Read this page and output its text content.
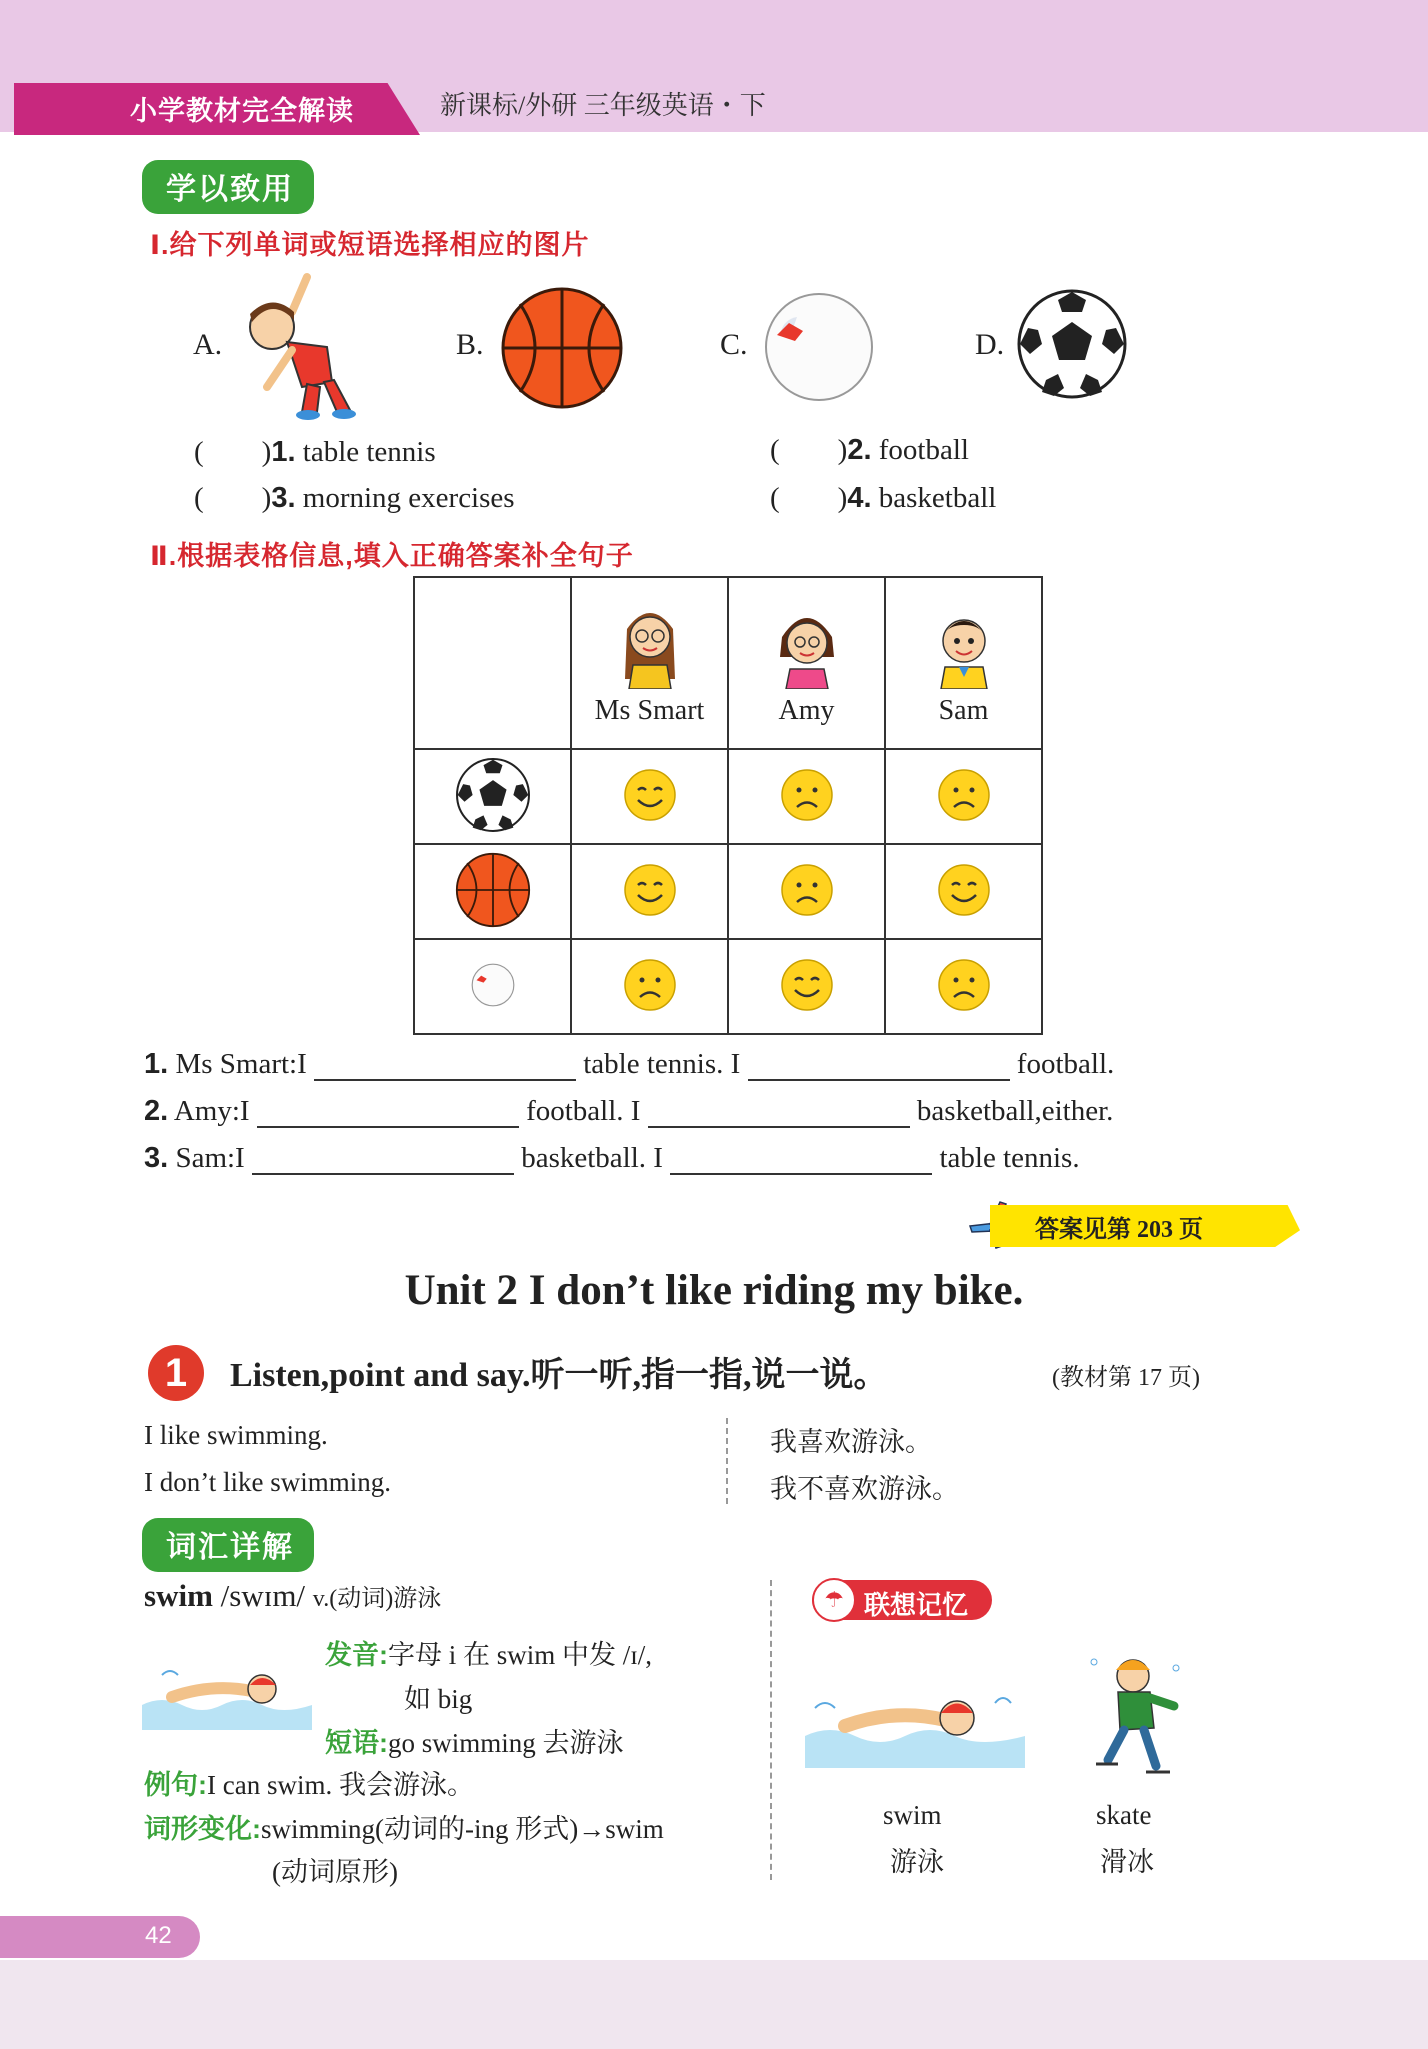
小学教材完全解读	新课标/外研 三年级英语・下
学以致用
Ⅰ.给下列单词或短语选择相应的图片
A.	B.	C.	D.
(        )1. table tennis	(        )2. football
(        )3. morning exercises	(        )4. basketball
Ⅱ.根据表格信息,填入正确答案补全句子

	Ms Smart	Amy	Sam

1. Ms Smart:I	table tennis. I	football.
2. Amy:I	football. I	basketball,either.
3. Sam:I	basketball. I	table tennis.
答案见第 203 页
Unit 2 I don’t like riding my bike.
1	Listen,point and say.听一听,指一指,说一说。	(教材第 17 页)
I like swimming.
I don’t like swimming.
我喜欢游泳。
我不喜欢游泳。
词汇详解
swim /swɪm/ v.(动词)游泳
发音:字母 i 在 swim 中发 /ɪ/,
如 big
短语:go swimming 去游泳
例句:I can swim. 我会游泳。
词形变化:swimming(动词的-ing 形式)→swim
(动词原形)
☂ 联想记忆
swim
游泳
skate
滑冰
42
